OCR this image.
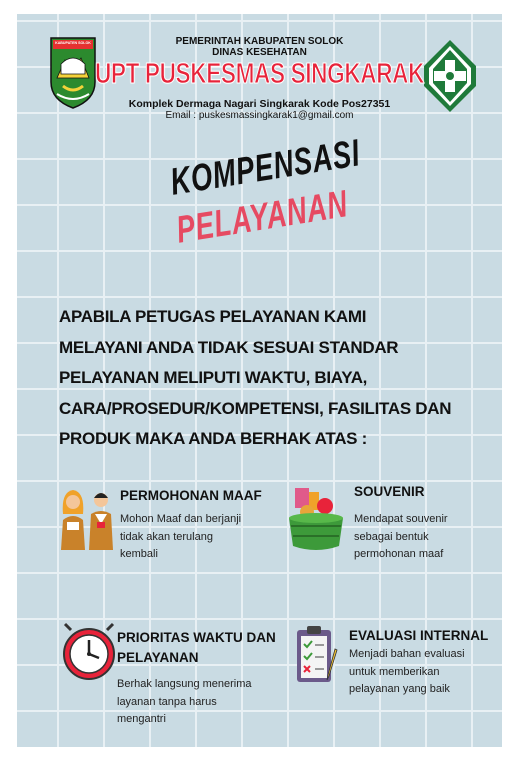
KABUPATEN SOLOK	PEMERINTAH KABUPATEN SOLOK
DINAS KESEHATAN
UPT PUSKESMAS SINGKARAK
Komplek Dermaga Nagari Singkarak Kode Pos27351
Email : puskesmassingkarak1@gmail.com
KOMPENSASI
PELAYANAN
APABILA PETUGAS PELAYANAN KAMI
MELAYANI ANDA TIDAK SESUAI STANDAR
PELAYANAN MELIPUTI WAKTU, BIAYA,
CARA/PROSEDUR/KOMPETENSI, FASILITAS DAN
PRODUK MAKA ANDA BERHAK ATAS :
PERMOHONAN MAAF
Mohon Maaf dan berjanji
tidak akan terulang
kembali
SOUVENIR
Mendapat souvenir
sebagai bentuk
permohonan maaf
PRIORITAS WAKTU DAN
PELAYANAN
Berhak langsung menerima
layanan tanpa harus
mengantri
EVALUASI INTERNAL
Menjadi bahan evaluasi
untuk memberikan
pelayanan yang baik
